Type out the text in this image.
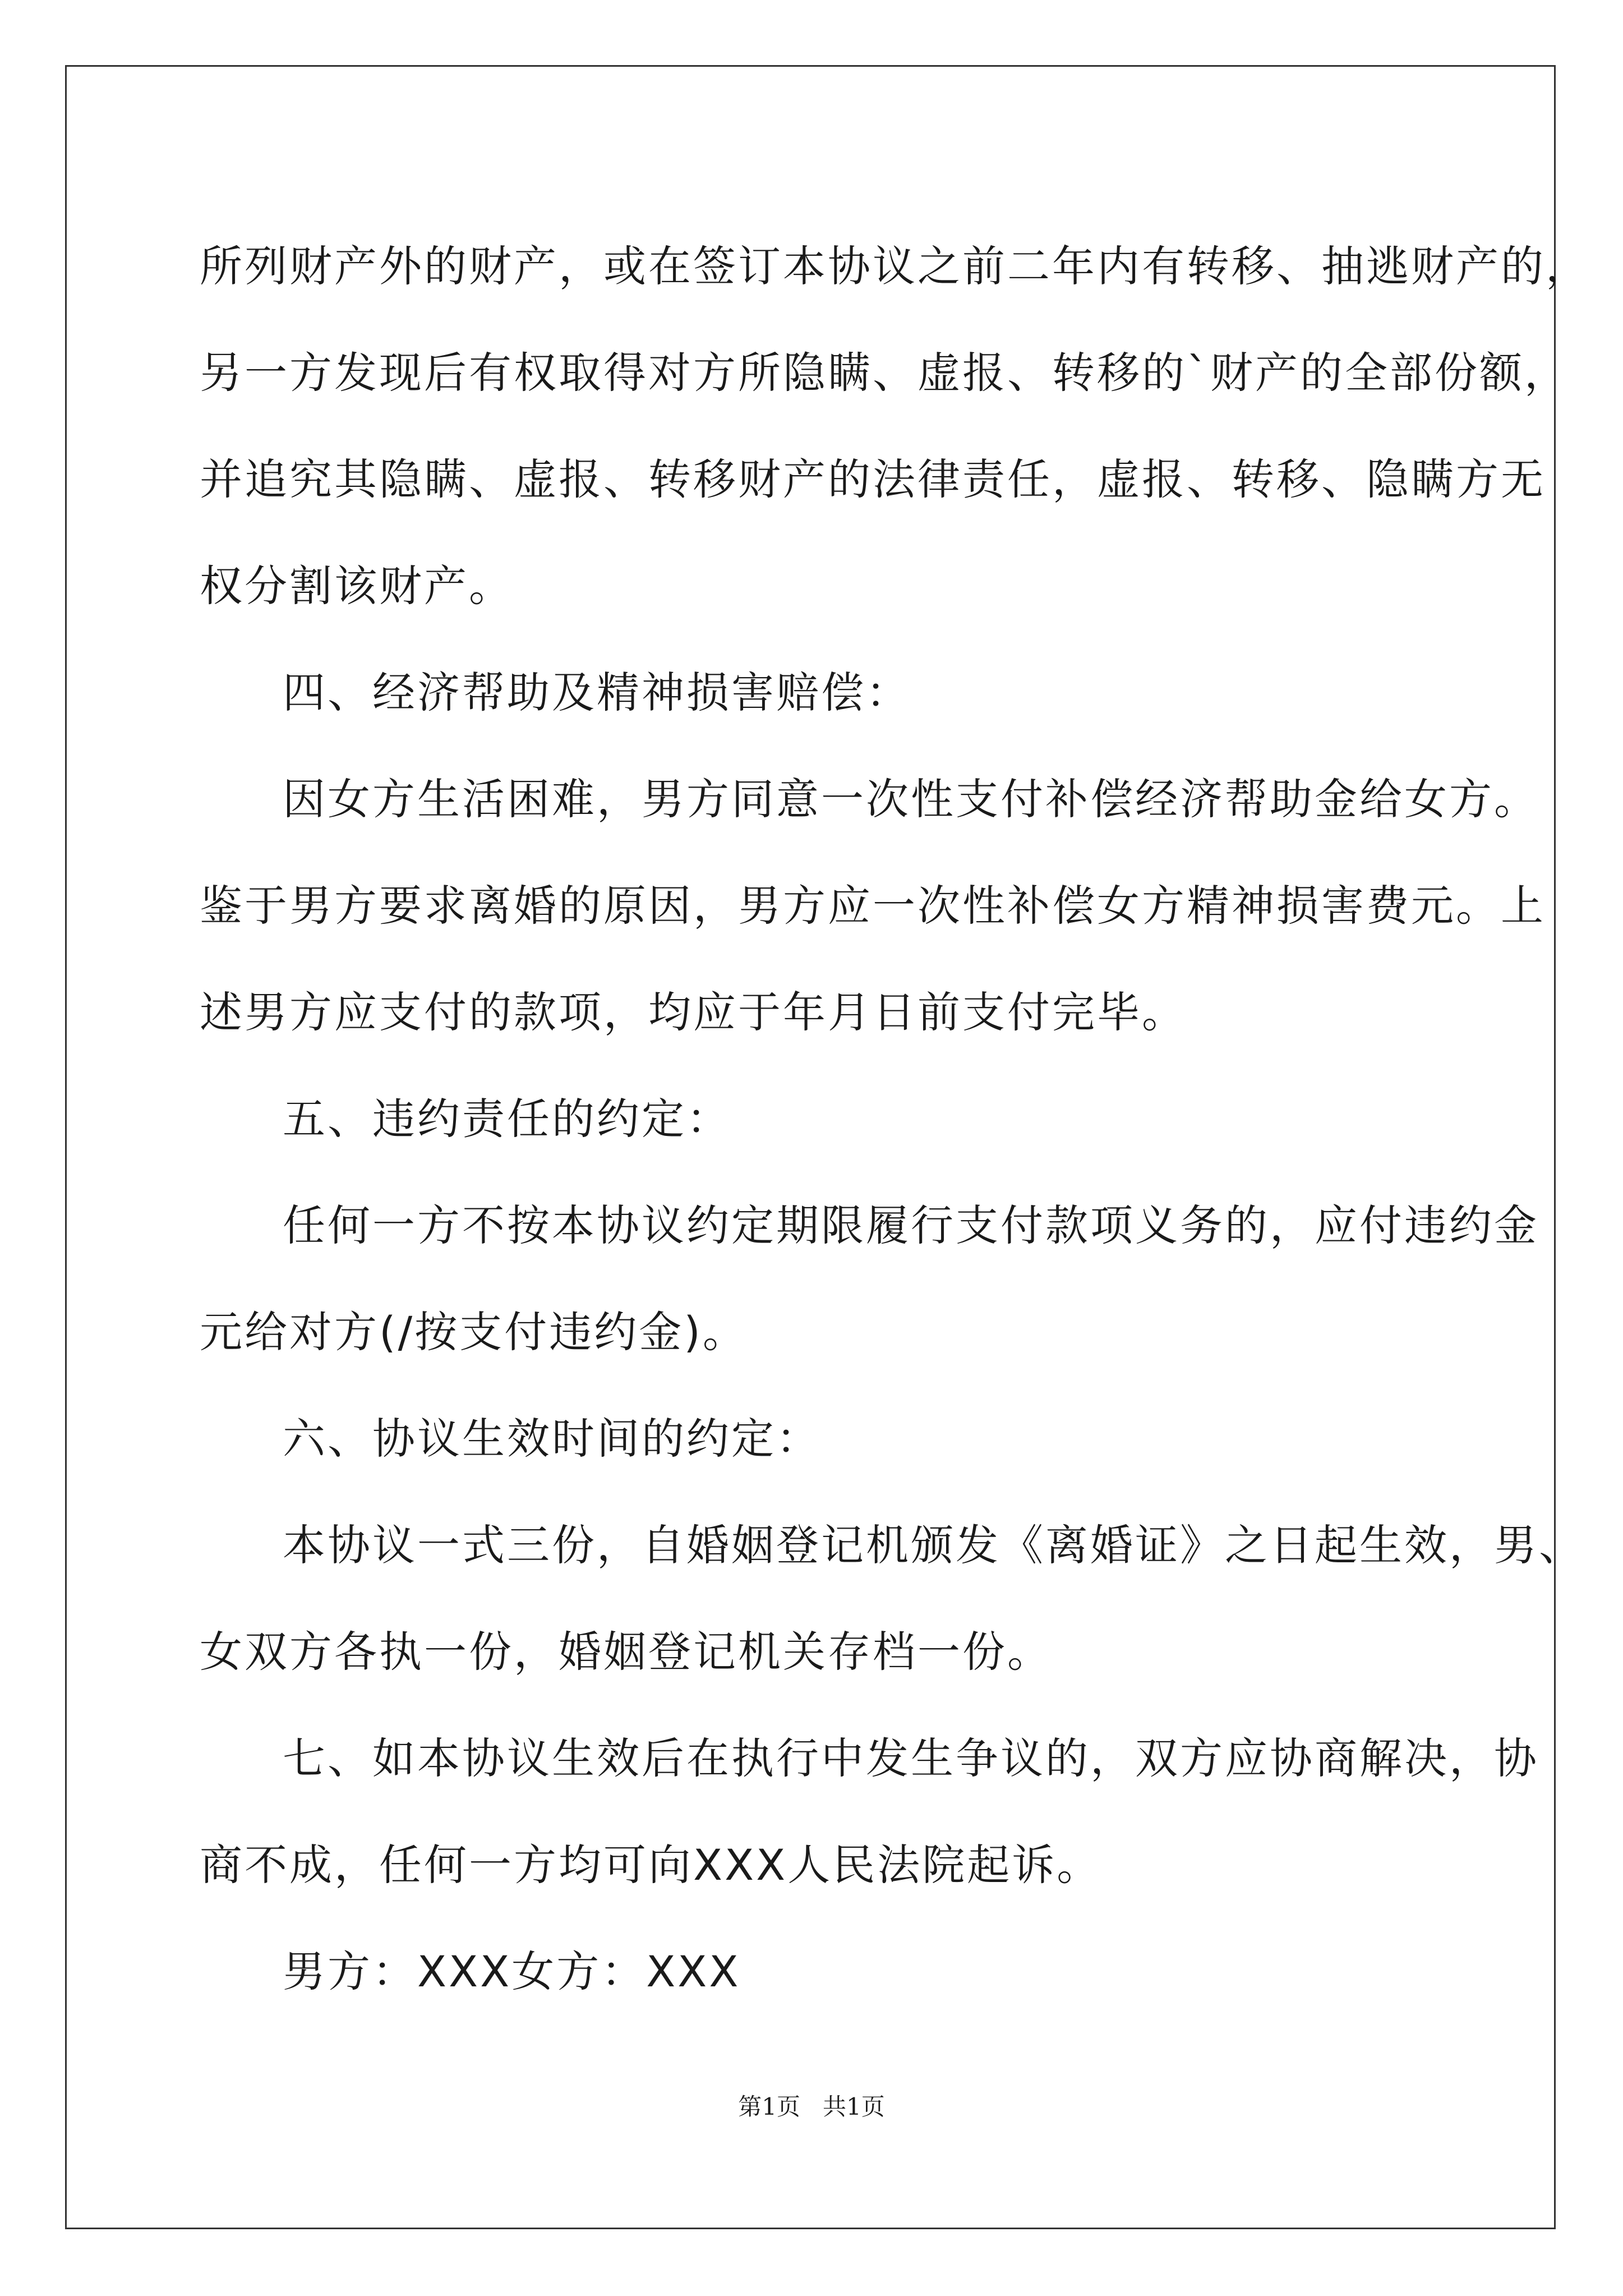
所列财产外的财产，或在签订本协议之前二年内有转移、抽逃财产的，
另一方发现后有权取得对方所隐瞒、虚报、转移的`财产的全部份额，
并追究其隐瞒、虚报、转移财产的法律责任，虚报、转移、隐瞒方无
权分割该财产。
四、经济帮助及精神损害赔偿：
因女方生活困难，男方同意一次性支付补偿经济帮助金给女方。
鉴于男方要求离婚的原因，男方应一次性补偿女方精神损害费元。上
述男方应支付的款项，均应于年月日前支付完毕。
五、违约责任的约定：
任何一方不按本协议约定期限履行支付款项义务的，应付违约金
元给对方(/按支付违约金)。
六、协议生效时间的约定：
本协议一式三份，自婚姻登记机颁发《离婚证》之日起生效，男、
女双方各执一份，婚姻登记机关存档一份。
七、如本协议生效后在执行中发生争议的，双方应协商解决，协
商不成，任何一方均可向XXX人民法院起诉。
男方：XXX女方：XXX
第1页 共1页
